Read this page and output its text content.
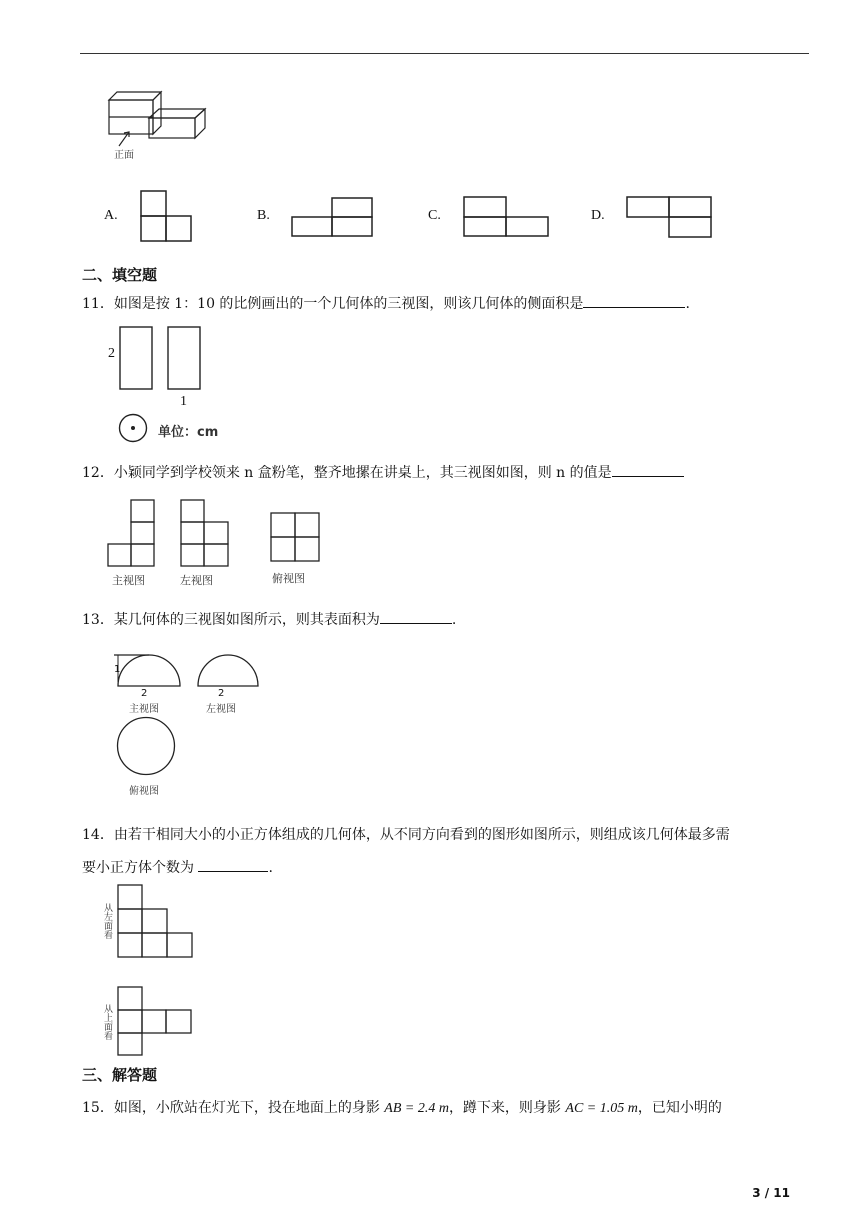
正面
A.	B.	C.	D.
二、填空题
11．如图是按 1：10 的比例画出的一个几何体的三视图，则该几何体的侧面积是	.
2
1
单位：cm
12．小颖同学到学校领来 n 盒粉笔，整齐地摞在讲桌上，其三视图如图，则 n 的值是
主视图	左视图	俯视图
13．某几何体的三视图如图所示，则其表面积为	.
1
2
主视图
2
左视图
俯视图
14．由若干相同大小的小正方体组成的几何体，从不同方向看到的图形如图所示，则组成该几何体最多需
要小正方体个数为	.
从左面看
从上面看
三、解答题
15．如图，小欣站在灯光下，投在地面上的身影 AB = 2.4 m，蹲下来，则身影 AC = 1.05 m，已知小明的
3 / 11
